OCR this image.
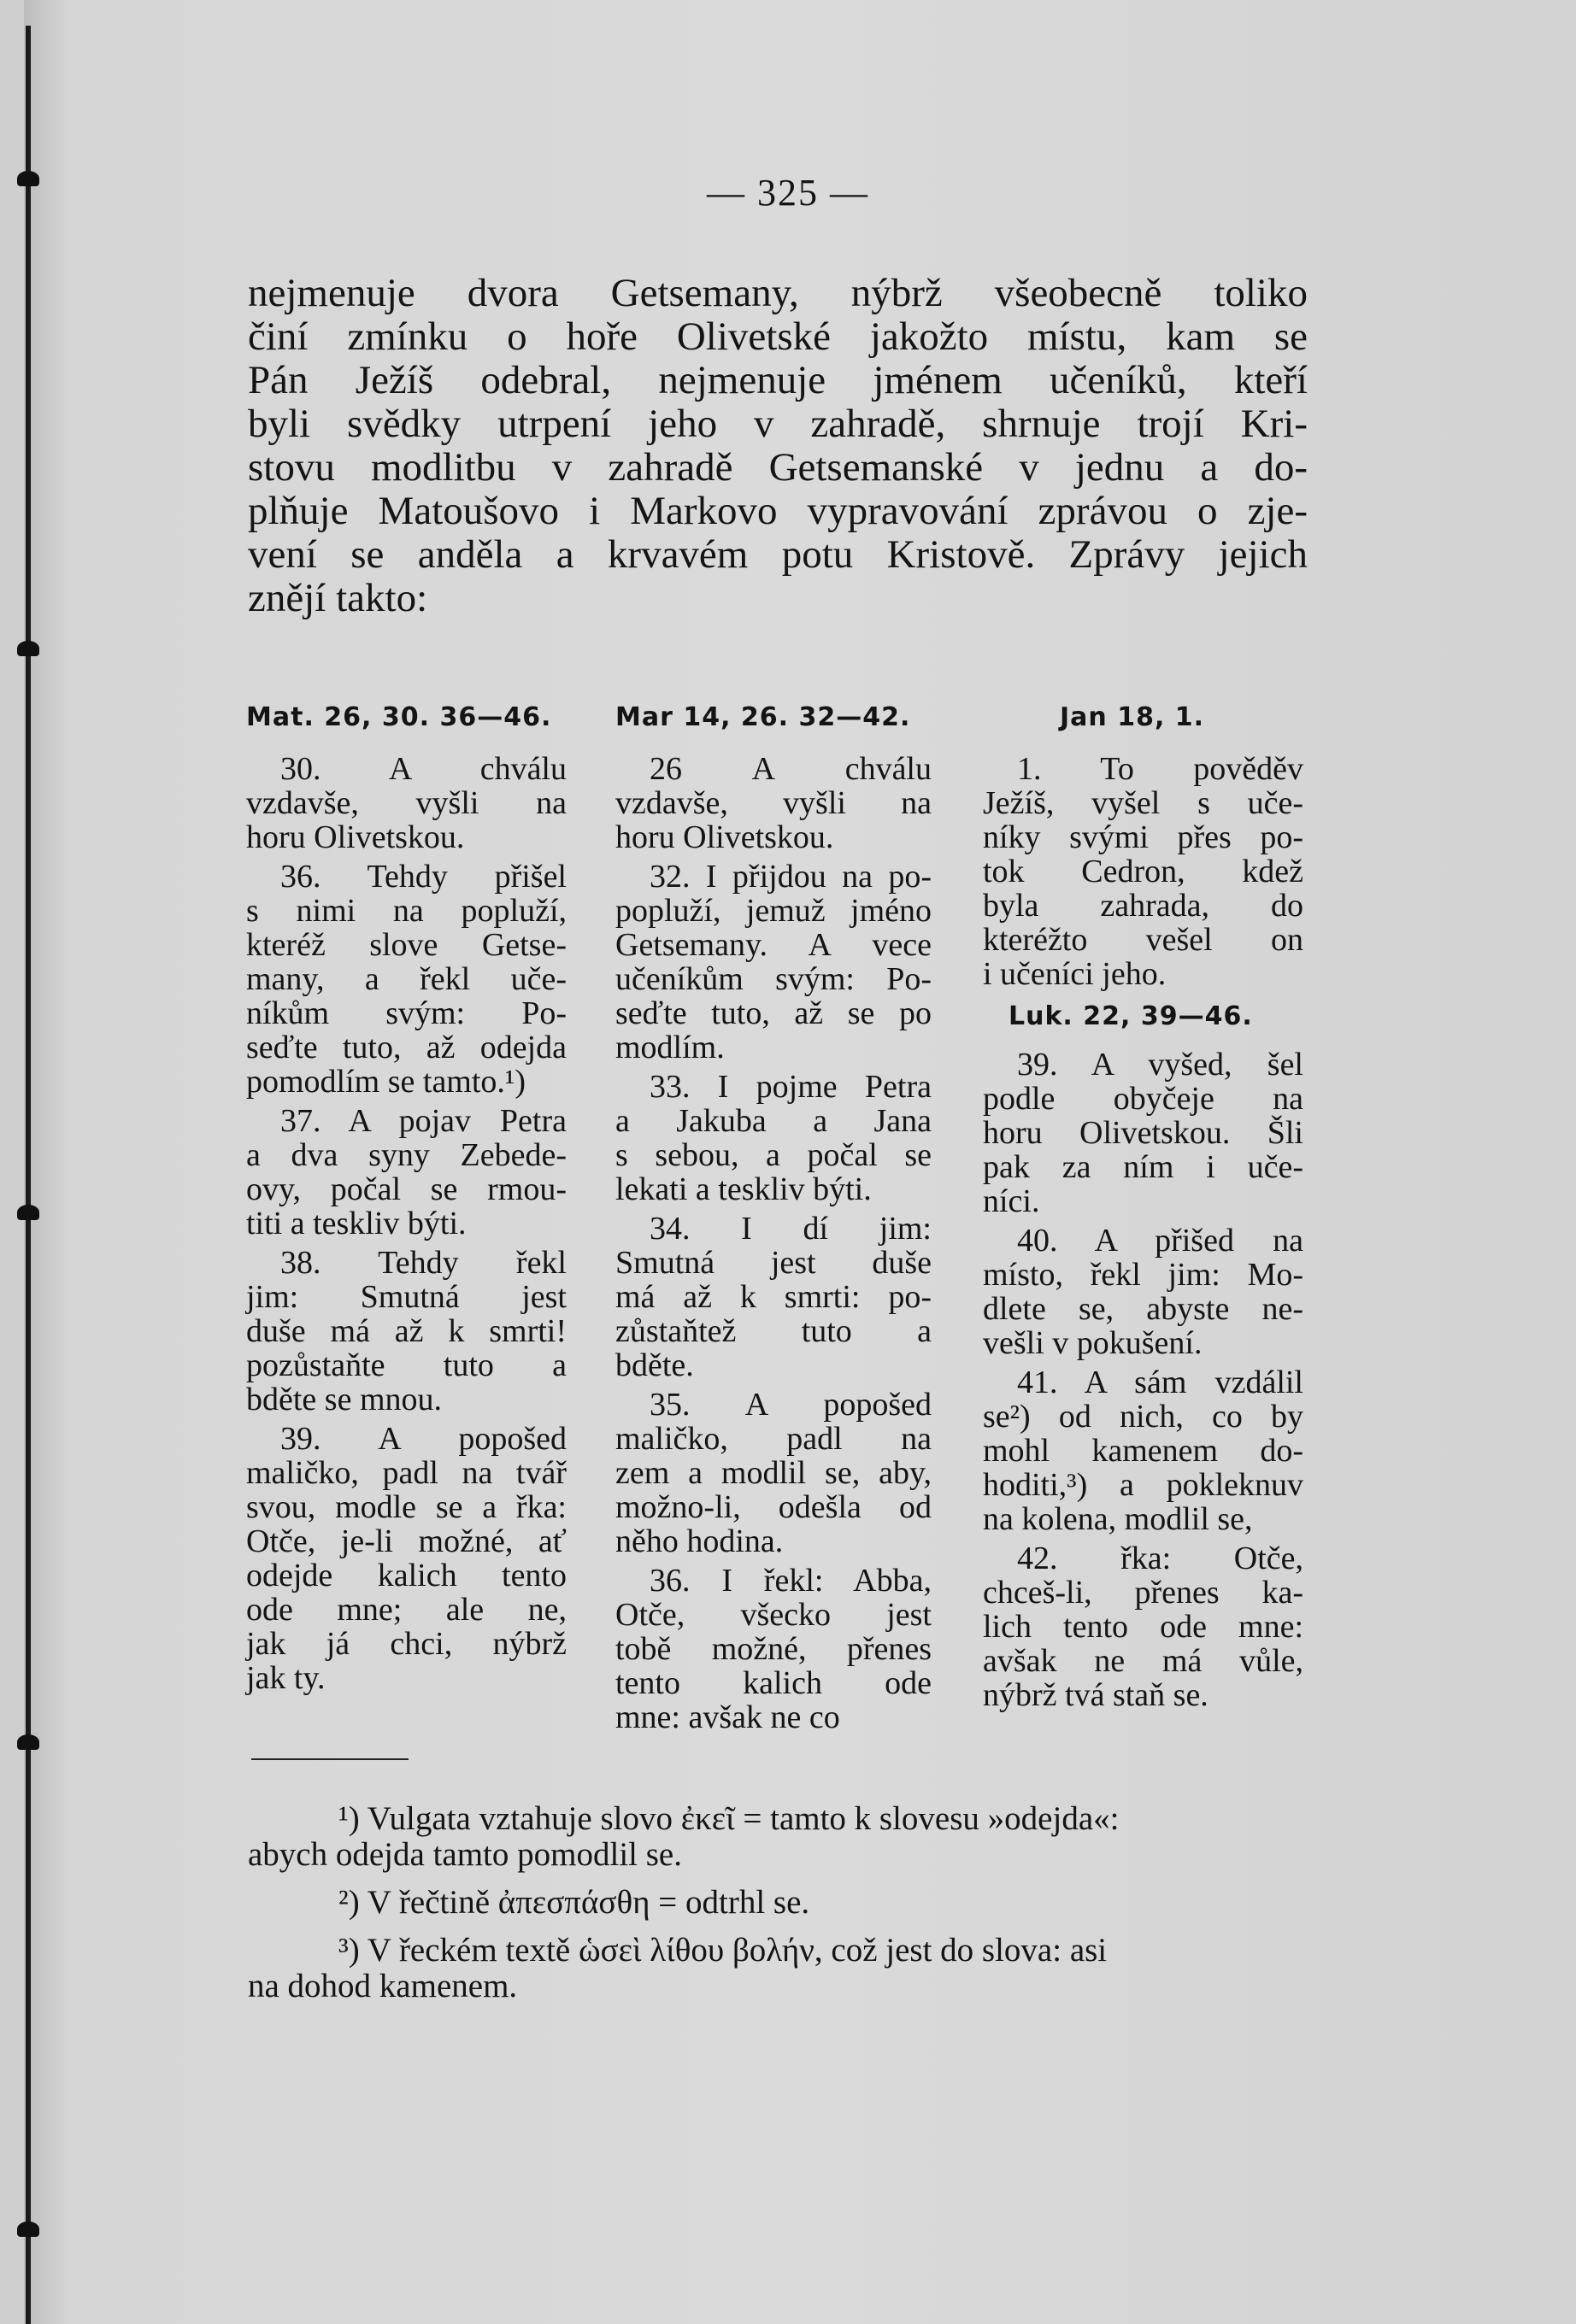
— 325 —
nejmenuje dvora Getsemany, nýbrž všeobecně toliko
činí zmínku o hoře Olivetské jakožto místu, kam se
Pán Ježíš odebral, nejmenuje jménem učeníků, kteří
byli svědky utrpení jeho v zahradě, shrnuje trojí Kri-
stovu modlitbu v zahradě Getsemanské v jednu a do-
plňuje Matoušovo i Markovo vypravování zprávou o zje-
vení se anděla a krvavém potu Kristově. Zprávy jejich
znějí takto:
Mat. 26, 30. 36—46.
30. A chválu
vzdavše, vyšli na
horu Olivetskou.
36. Tehdy přišel
s nimi na popluží,
kteréž slove Getse-
many, a řekl uče-
níkům svým: Po-
seďte tuto, až odejda
pomodlím se tamto.¹)
37. A pojav Petra
a dva syny Zebede-
ovy, počal se rmou-
titi a teskliv býti.
38. Tehdy řekl
jim: Smutná jest
duše má až k smrti!
pozůstaňte tuto a
bděte se mnou.
39. A popošed
maličko, padl na tvář
svou, modle se a řka:
Otče, je-li možné, ať
odejde kalich tento
ode mne; ale ne,
jak já chci, nýbrž
jak ty.
Mar 14, 26. 32—42.
26 A chválu
vzdavše, vyšli na
horu Olivetskou.
32. I přijdou na po-
popluží, jemuž jméno
Getsemany. A vece
učeníkům svým: Po-
seďte tuto, až se po
modlím.
33. I pojme Petra
a Jakuba a Jana
s sebou, a počal se
lekati a teskliv býti.
34. I dí jim:
Smutná jest duše
má až k smrti: po-
zůstaňtež tuto a
bděte.
35. A popošed
maličko, padl na
zem a modlil se, aby,
možno-li, odešla od
něho hodina.
36. I řekl: Abba,
Otče, všecko jest
tobě možné, přenes
tento kalich ode
mne: avšak ne co
Jan 18, 1.
1. To pověděv
Ježíš, vyšel s uče-
níky svými přes po-
tok Cedron, kdež
byla zahrada, do
kteréžto vešel on
i učeníci jeho.
Luk. 22, 39—46.
39. A vyšed, šel
podle obyčeje na
horu Olivetskou. Šli
pak za ním i uče-
níci.
40. A přišed na
místo, řekl jim: Mo-
dlete se, abyste ne-
vešli v pokušení.
41. A sám vzdálil
se²) od nich, co by
mohl kamenem do-
hoditi,³) a pokleknuv
na kolena, modlil se,
42. řka: Otče,
chceš-li, přenes ka-
lich tento ode mne:
avšak ne má vůle,
nýbrž tvá staň se.
¹) Vulgata vztahuje slovo ἐκεῖ = tamto k slovesu »odejda«:
abych odejda tamto pomodlil se.
²) V řečtině ἀπεσπάσθη = odtrhl se.
³) V řeckém textě ὡσεὶ λίθου βολήν, což jest do slova: asi
na dohod kamenem.
